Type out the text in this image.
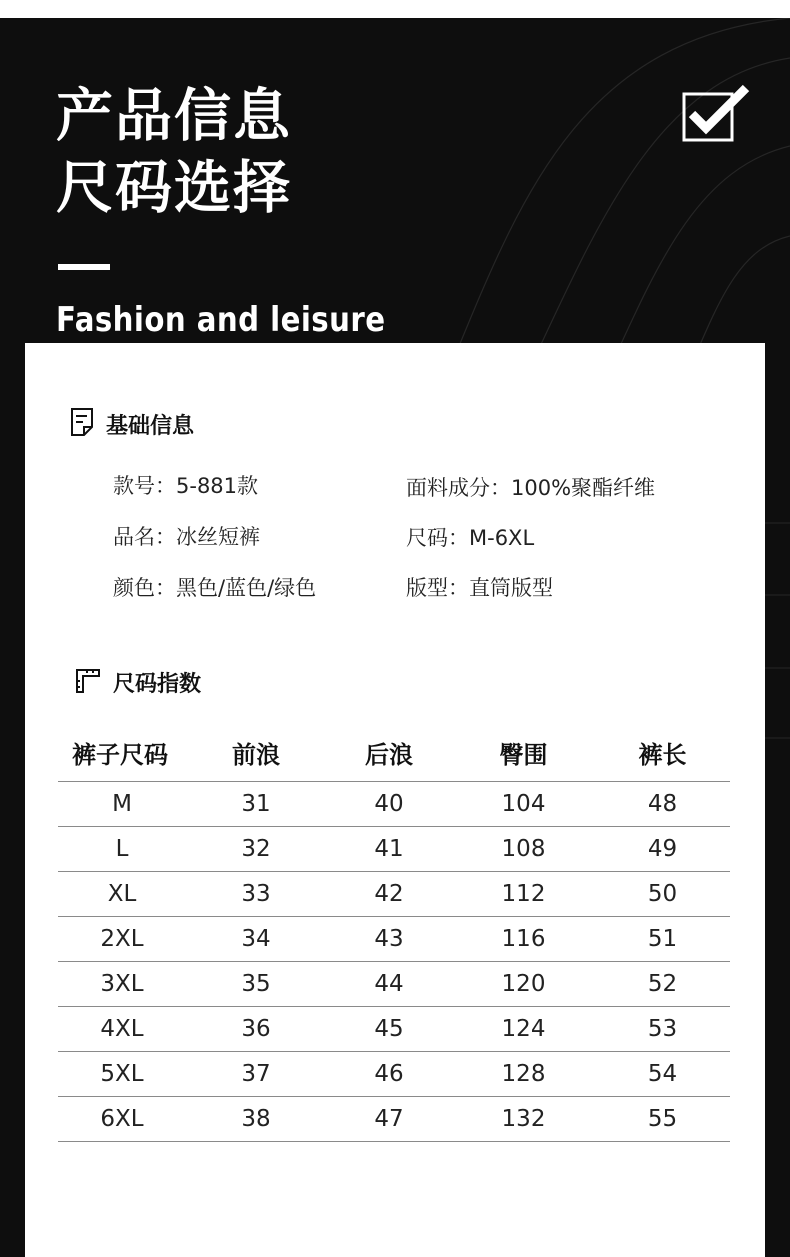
产品信息
尺码选择
Fashion and leisure
基础信息
款号：5-881款	面料成分：100%聚酯纤维
品名：冰丝短裤	尺码：M-6XL
颜色：黑色/蓝色/绿色	版型：直筒版型
尺码指数
裤子尺码	前浪	后浪	臀围	裤长
M	31	40	104	48
L	32	41	108	49
XL	33	42	112	50
2XL	34	43	116	51
3XL	35	44	120	52
4XL	36	45	124	53
5XL	37	46	128	54
6XL	38	47	132	55
